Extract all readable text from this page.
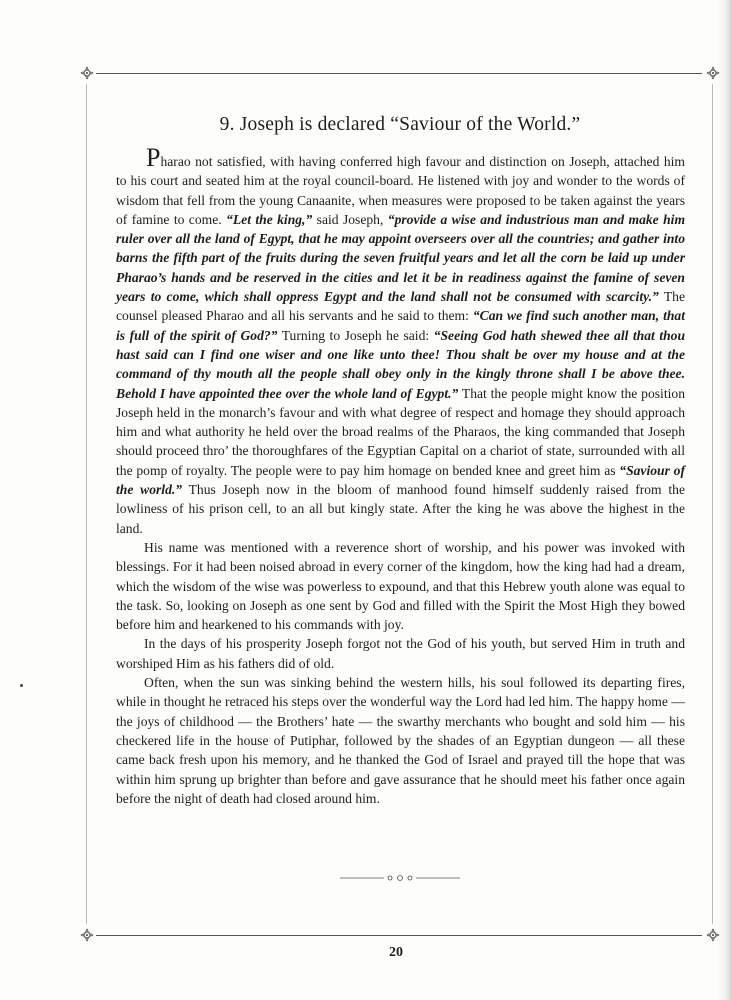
9. Joseph is declared “Saviour of the World.”

Pharao not satisfied, with having conferred high favour and distinction on Joseph, attached him to his court and seated him at the royal council-board. He listened with joy and wonder to the words of wisdom that fell from the young Canaanite, when measures were proposed to be taken against the years of famine to come. “Let the king,” said Joseph, “provide a wise and industrious man and make him ruler over all the land of Egypt, that he may appoint overseers over all the countries; and gather into barns the fifth part of the fruits during the seven fruitful years and let all the corn be laid up under Pharao’s hands and be reserved in the cities and let it be in readiness against the famine of seven years to come, which shall oppress Egypt and the land shall not be consumed with scarcity.” The counsel pleased Pharao and all his servants and he said to them: “Can we find such another man, that is full of the spirit of God?” Turning to Joseph he said: “Seeing God hath shewed thee all that thou hast said can I find one wiser and one like unto thee! Thou shalt be over my house and at the command of thy mouth all the people shall obey only in the kingly throne shall I be above thee. Behold I have appointed thee over the whole land of Egypt.” That the people might know the position Joseph held in the monarch’s favour and with what degree of respect and homage they should approach him and what authority he held over the broad realms of the Pharaos, the king commanded that Joseph should proceed thro’ the thoroughfares of the Egyptian Capital on a chariot of state, surrounded with all the pomp of royalty. The people were to pay him homage on bended knee and greet him as “Saviour of the world.” Thus Joseph now in the bloom of manhood found himself suddenly raised from the lowliness of his prison cell, to an all but kingly state. After the king he was above the highest in the land.

His name was mentioned with a reverence short of worship, and his power was invoked with blessings. For it had been noised abroad in every corner of the kingdom, how the king had had a dream, which the wisdom of the wise was powerless to expound, and that this Hebrew youth alone was equal to the task. So, looking on Joseph as one sent by God and filled with the Spirit the Most High they bowed before him and hearkened to his commands with joy.

In the days of his prosperity Joseph forgot not the God of his youth, but served Him in truth and worshiped Him as his fathers did of old.

Often, when the sun was sinking behind the western hills, his soul followed its departing fires, while in thought he retraced his steps over the wonderful way the Lord had led him. The happy home — the joys of childhood — the Brothers’ hate — the swarthy merchants who bought and sold him — his checkered life in the house of Putiphar, followed by the shades of an Egyptian dungeon — all these came back fresh upon his memory, and he thanked the God of Israel and prayed till the hope that was within him sprung up brighter than before and gave assurance that he should meet his father once again before the night of death had closed around him.

20
